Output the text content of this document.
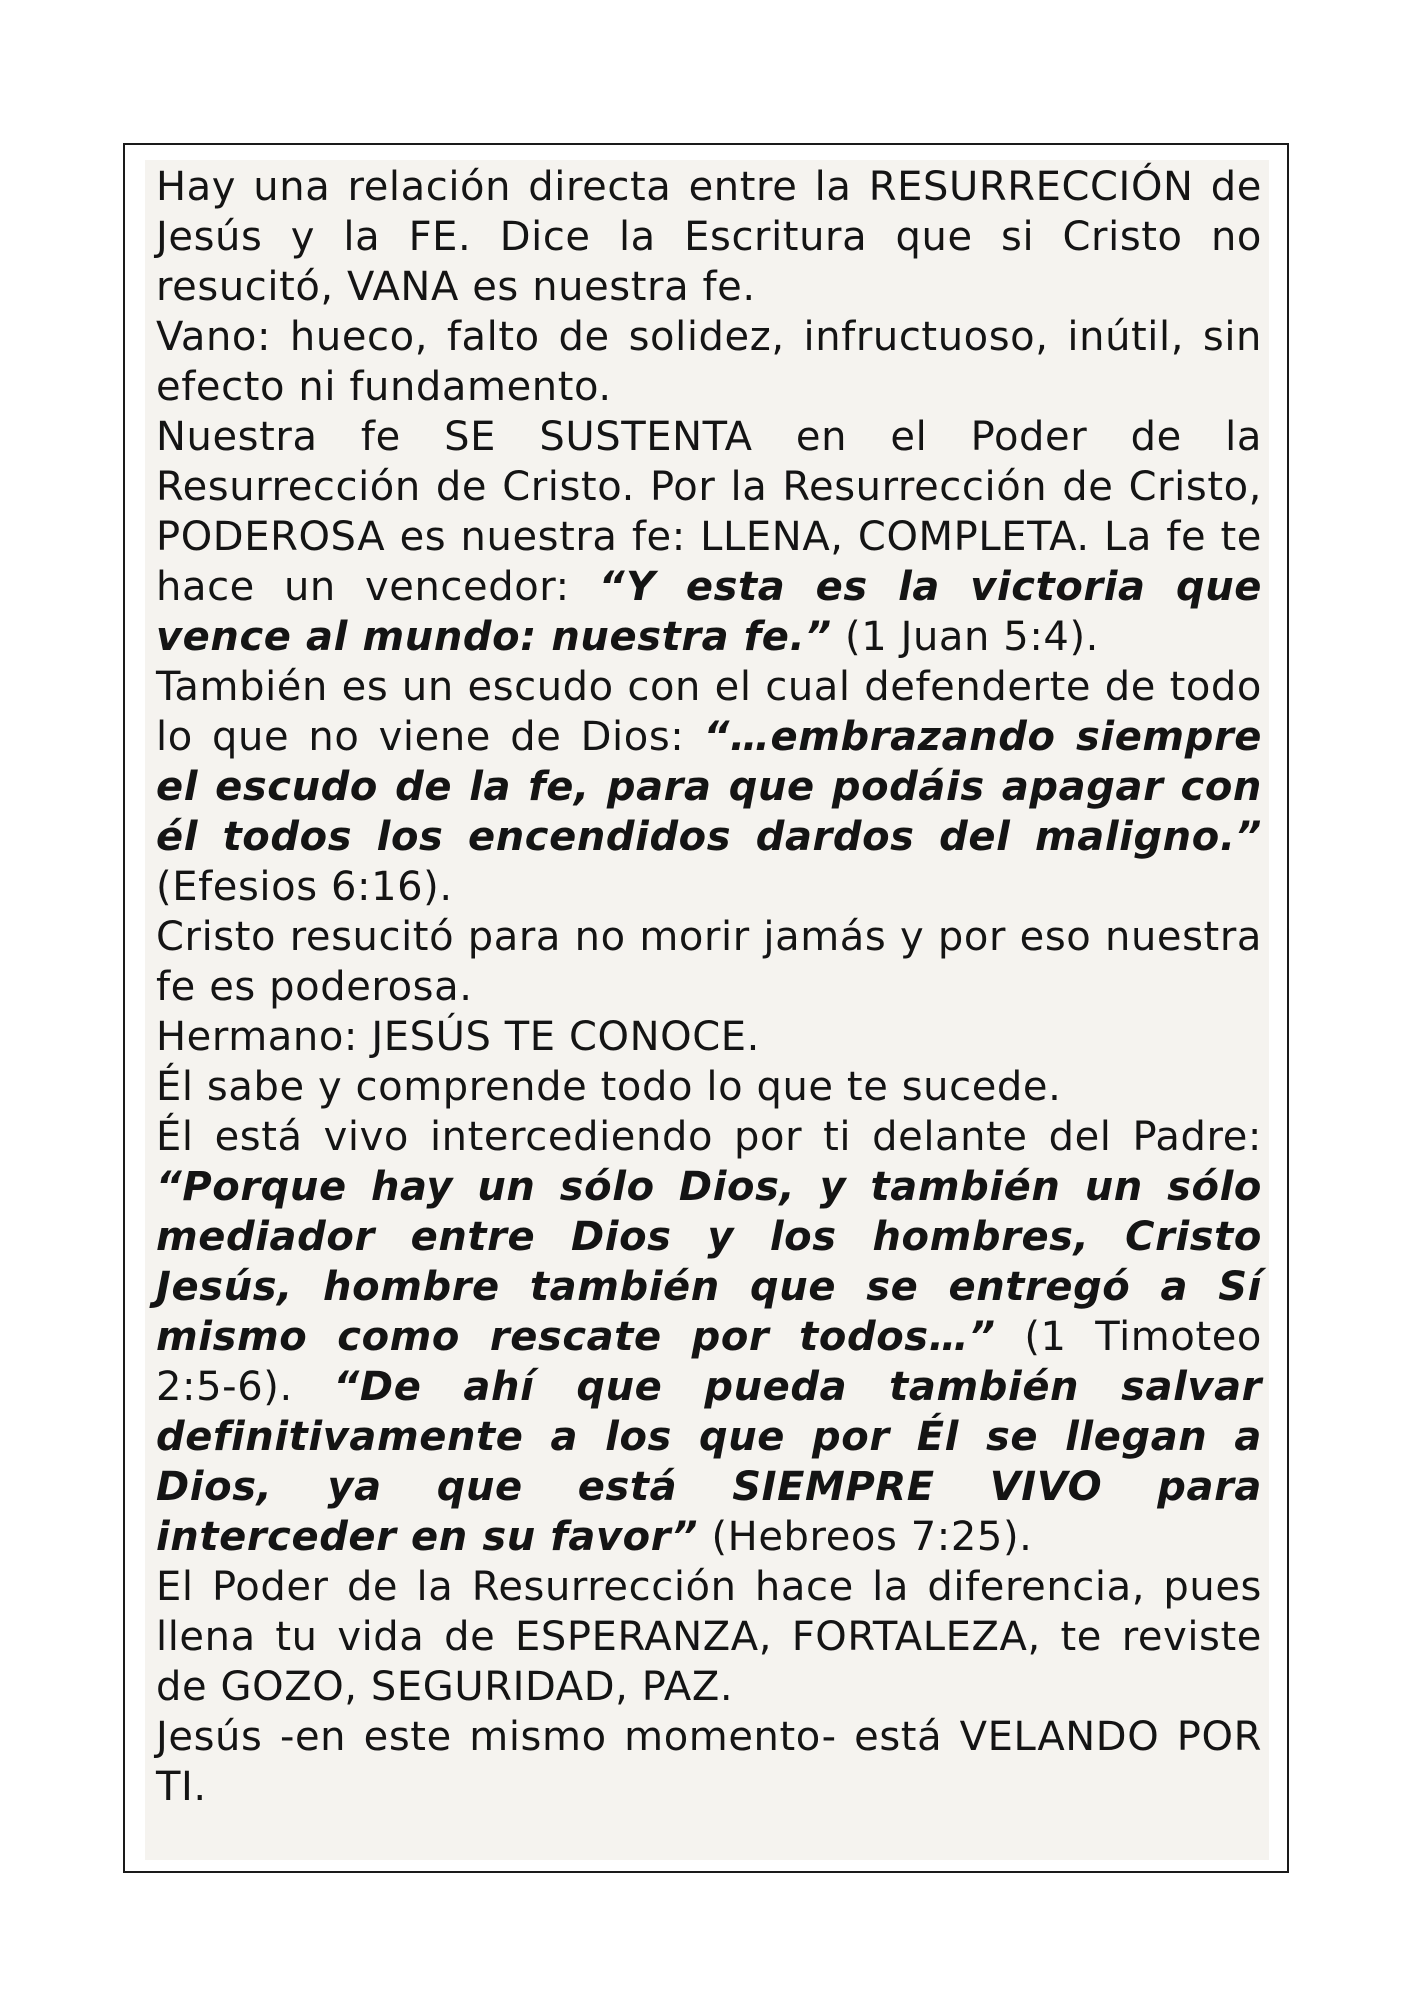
Hay una relación directa entre la RESURRECCIÓN de Jesús y la FE. Dice la Escritura que si Cristo no resucitó, VANA es nuestra fe.

Vano: hueco, falto de solidez, infructuoso, inútil, sin efecto ni fundamento.

Nuestra fe SE SUSTENTA en el Poder de la Resurrección de Cristo. Por la Resurrección de Cristo, PODEROSA es nuestra fe: LLENA, COMPLETA. La fe te hace un vencedor: “Y esta es la victoria que vence al mundo: nuestra fe.” (1 Juan 5:4).

También es un escudo con el cual defenderte de todo lo que no viene de Dios: “…embrazando siempre el escudo de la fe, para que podáis apagar con él todos los encendidos dardos del maligno.” (Efesios 6:16).

Cristo resucitó para no morir jamás y por eso nuestra fe es poderosa.

Hermano: JESÚS TE CONOCE.

Él sabe y comprende todo lo que te sucede.

Él está vivo intercediendo por ti delante del Padre: “Porque hay un sólo Dios, y también un sólo mediador entre Dios y los hombres, Cristo Jesús, hombre también que se entregó a Sí mismo como rescate por todos…” (1 Timoteo 2:5-6). “De ahí que pueda también salvar definitivamente a los que por Él se llegan a Dios, ya que está SIEMPRE VIVO para interceder en su favor” (Hebreos 7:25).

El Poder de la Resurrección hace la diferencia, pues llena tu vida de ESPERANZA, FORTALEZA, te reviste de GOZO, SEGURIDAD, PAZ.

Jesús -en este mismo momento- está VELANDO POR TI.
